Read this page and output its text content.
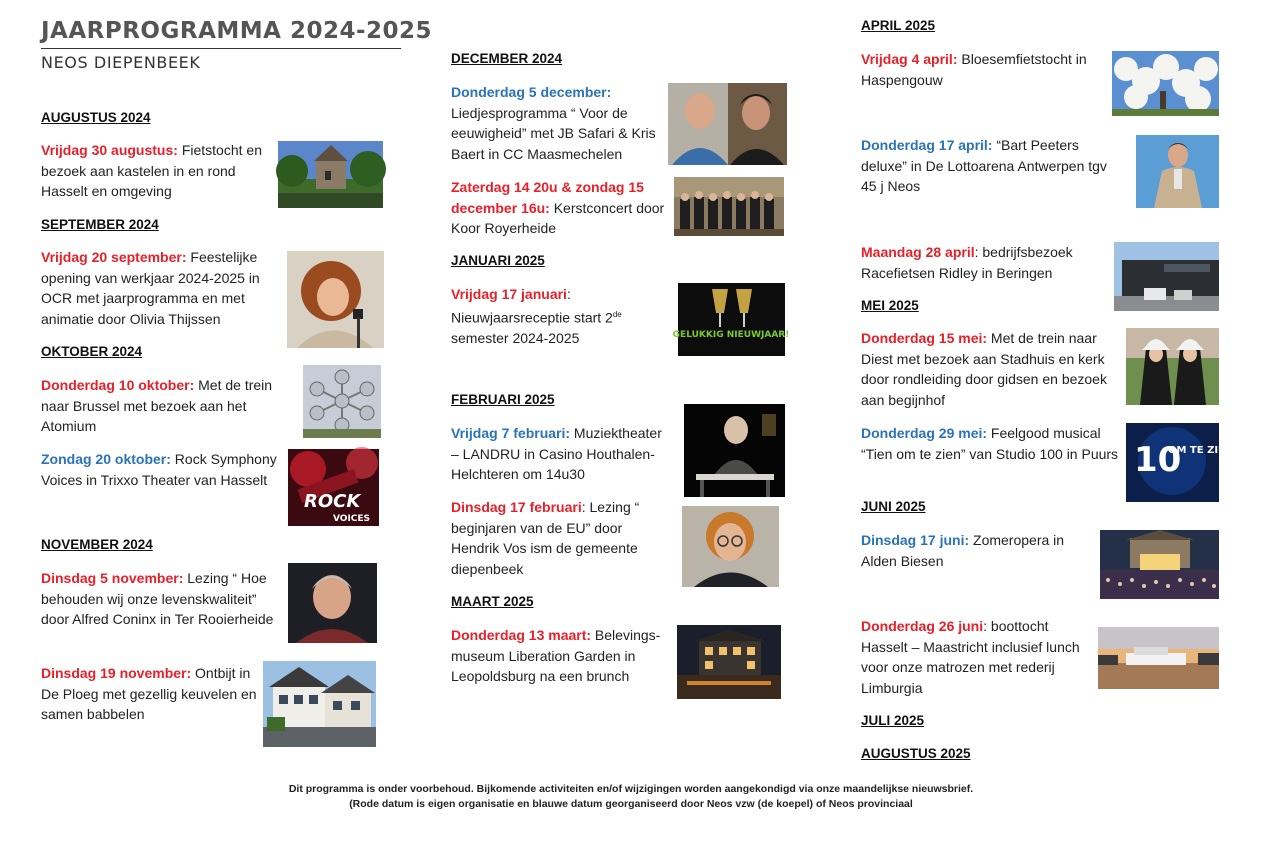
JAARPROGRAMMA 2024-2025
NEOS DIEPENBEEK
AUGUSTUS 2024
Vrijdag 30 augustus: Fietstocht en bezoek aan kastelen in en rond Hasselt en omgeving
SEPTEMBER 2024
Vrijdag 20 september: Feestelijke opening van werkjaar 2024-2025 in OCR met jaarprogramma en met animatie door Olivia Thijssen
OKTOBER 2024
Donderdag 10 oktober: Met de trein naar Brussel met bezoek aan het Atomium
Zondag 20 oktober: Rock Symphony Voices in Trixxo Theater van Hasselt
ROCK
VOICES
NOVEMBER 2024
Dinsdag 5 november: Lezing “ Hoe behouden wij onze levenskwaliteit” door Alfred Coninx in Ter Rooierheide
Dinsdag 19 november: Ontbijt in De Ploeg met gezellig keuvelen en samen babbelen
DECEMBER 2024
Donderdag 5 december:
Liedjesprogramma “ Voor de eeuwigheid” met JB Safari & Kris Baert in CC Maasmechelen
Zaterdag 14 20u & zondag 15 december 16u: Kerstconcert door Koor Royerheide
JANUARI 2025
Vrijdag 17 januari:
Nieuwjaarsreceptie start 2de
semester 2024-2025	GELUKKIG NIEUWJAAR!
FEBRUARI 2025
Vrijdag 7 februari: Muziektheater – LANDRU in Casino Houthalen-Helchteren om 14u30
Dinsdag 17 februari: Lezing “ beginjaren van de EU” door Hendrik Vos ism de gemeente diepenbeek
MAART 2025
Donderdag 13 maart: Belevings-museum Liberation Garden in Leopoldsburg na een brunch
APRIL 2025
Vrijdag 4 april: Bloesemfietstocht in Haspengouw
Donderdag 17 april: “Bart Peeters deluxe” in De Lottoarena Antwerpen tgv 45 j Neos
Maandag 28 april: bedrijfsbezoek Racefietsen Ridley in Beringen
MEI 2025
Donderdag 15 mei: Met de trein naar Diest met bezoek aan Stadhuis en kerk door rondleiding door gidsen en bezoek aan begijnhof
Donderdag 29 mei: Feelgood musical “Tien om te zien” van Studio 100 in Puurs 10
OM TE ZIEN
JUNI 2025
Dinsdag 17 juni: Zomeropera in Alden Biesen
Donderdag 26 juni: boottocht Hasselt – Maastricht inclusief lunch voor onze matrozen met rederij Limburgia
JULI 2025
AUGUSTUS 2025
Dit programma is onder voorbehoud. Bijkomende activiteiten en/of wijzigingen worden aangekondigd via onze maandelijkse nieuwsbrief.
(Rode datum is eigen organisatie en blauwe datum georganiseerd door Neos vzw (de koepel) of Neos provinciaal
